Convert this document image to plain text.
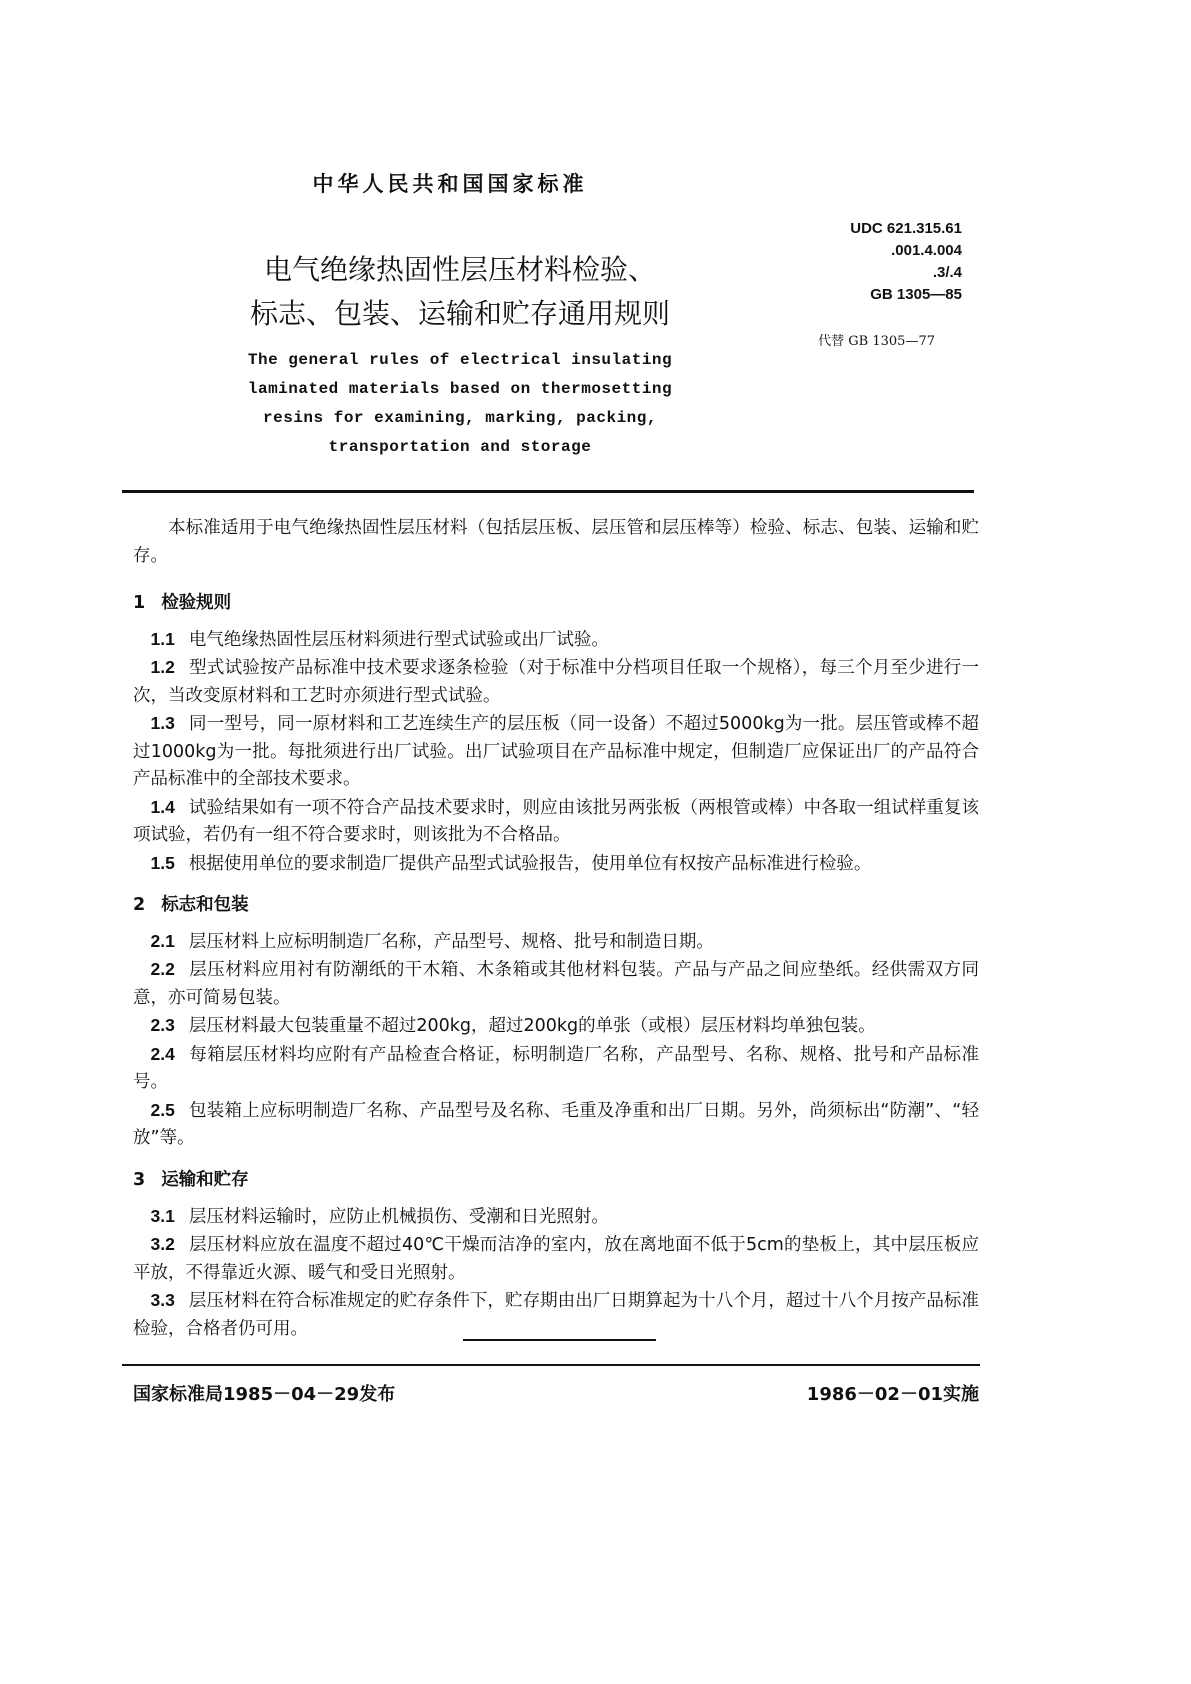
中华人民共和国国家标准
UDC 621.315.61
.001.4.004
.3/.4
GB 1305—85
代替 GB 1305—77
电气绝缘热固性层压材料检验、
标志、包装、运输和贮存通用规则
The general rules of electrical insulating
laminated materials based on thermosetting
resins for examining, marking, packing,
transportation and storage

本标准适用于电气绝缘热固性层压材料（包括层压板、层压管和层压棒等）检验、标志、包装、运输和贮存。

1 检验规则

1.1 电气绝缘热固性层压材料须进行型式试验或出厂试验。

1.2 型式试验按产品标准中技术要求逐条检验（对于标准中分档项目任取一个规格），每三个月至少进行一次，当改变原材料和工艺时亦须进行型式试验。

1.3 同一型号，同一原材料和工艺连续生产的层压板（同一设备）不超过5000kg为一批。层压管或棒不超过1000kg为一批。每批须进行出厂试验。出厂试验项目在产品标准中规定，但制造厂应保证出厂的产品符合产品标准中的全部技术要求。

1.4 试验结果如有一项不符合产品技术要求时，则应由该批另两张板（两根管或棒）中各取一组试样重复该项试验，若仍有一组不符合要求时，则该批为不合格品。

1.5 根据使用单位的要求制造厂提供产品型式试验报告，使用单位有权按产品标准进行检验。

2 标志和包装

2.1 层压材料上应标明制造厂名称，产品型号、规格、批号和制造日期。

2.2 层压材料应用衬有防潮纸的干木箱、木条箱或其他材料包装。产品与产品之间应垫纸。经供需双方同意，亦可简易包装。

2.3 层压材料最大包装重量不超过200kg，超过200kg的单张（或根）层压材料均单独包装。

2.4 每箱层压材料均应附有产品检查合格证，标明制造厂名称，产品型号、名称、规格、批号和产品标准号。

2.5 包装箱上应标明制造厂名称、产品型号及名称、毛重及净重和出厂日期。另外，尚须标出“防潮”、“轻放”等。

3 运输和贮存

3.1 层压材料运输时，应防止机械损伤、受潮和日光照射。

3.2 层压材料应放在温度不超过40℃干燥而洁净的室内，放在离地面不低于5cm的垫板上，其中层压板应平放，不得靠近火源、暖气和受日光照射。

3.3 层压材料在符合标准规定的贮存条件下，贮存期由出厂日期算起为十八个月，超过十八个月按产品标准检验，合格者仍可用。

国家标准局1985－04－29发布	1986－02－01实施
